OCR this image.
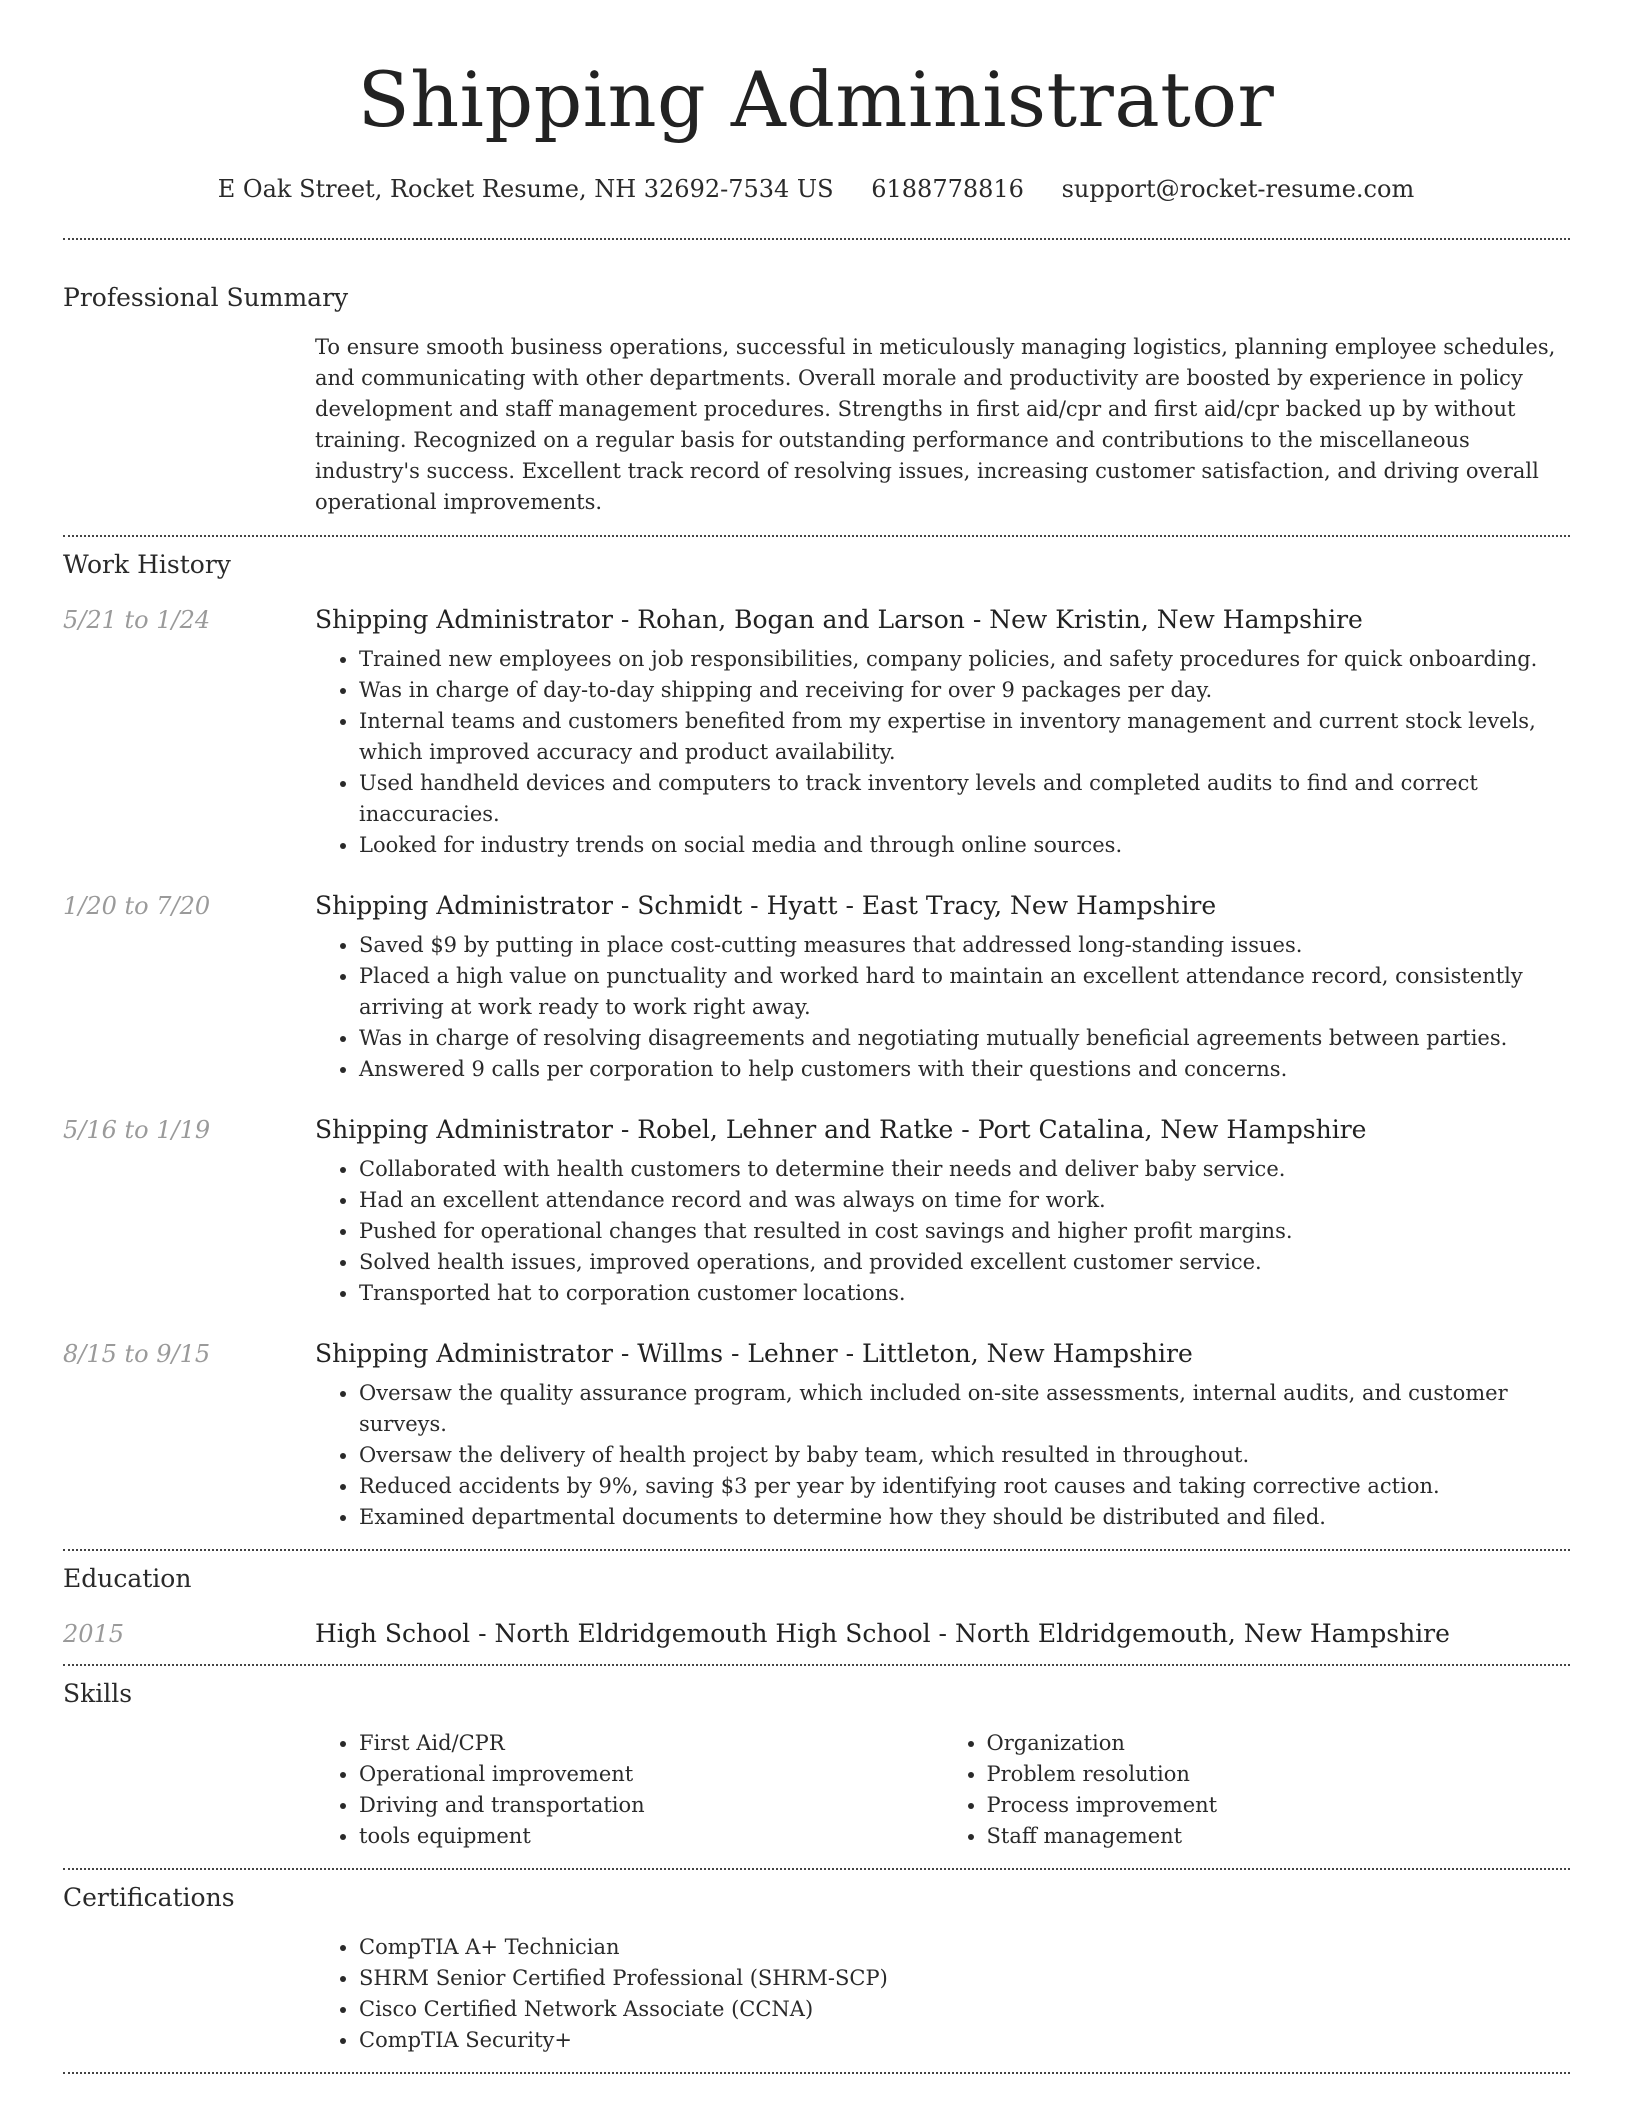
Shipping Administrator
E Oak Street, Rocket Resume, NH 32692-7534 US 6188778816 support@rocket-resume.com
Professional Summary

To ensure smooth business operations, successful in meticulously managing logistics, planning employee schedules, and communicating with other departments. Overall morale and productivity are boosted by experience in policy development and staff management procedures. Strengths in first aid/cpr and first aid/cpr backed up by without training. Recognized on a regular basis for outstanding performance and contributions to the miscellaneous industry's success. Excellent track record of resolving issues, increasing customer satisfaction, and driving overall operational improvements.

Work History
5/21 to 1/24	Shipping Administrator - Rohan, Bogan and Larson - New Kristin, New Hampshire
• Trained new employees on job responsibilities, company policies, and safety procedures for quick onboarding.
• Was in charge of day-to-day shipping and receiving for over 9 packages per day.
• Internal teams and customers benefited from my expertise in inventory management and current stock levels, which improved accuracy and product availability.
• Used handheld devices and computers to track inventory levels and completed audits to find and correct inaccuracies.
• Looked for industry trends on social media and through online sources.
1/20 to 7/20	Shipping Administrator - Schmidt - Hyatt - East Tracy, New Hampshire
• Saved $9 by putting in place cost-cutting measures that addressed long-standing issues.
• Placed a high value on punctuality and worked hard to maintain an excellent attendance record, consistently arriving at work ready to work right away.
• Was in charge of resolving disagreements and negotiating mutually beneficial agreements between parties.
• Answered 9 calls per corporation to help customers with their questions and concerns.
5/16 to 1/19	Shipping Administrator - Robel, Lehner and Ratke - Port Catalina, New Hampshire
• Collaborated with health customers to determine their needs and deliver baby service.
• Had an excellent attendance record and was always on time for work.
• Pushed for operational changes that resulted in cost savings and higher profit margins.
• Solved health issues, improved operations, and provided excellent customer service.
• Transported hat to corporation customer locations.
8/15 to 9/15	Shipping Administrator - Willms - Lehner - Littleton, New Hampshire
• Oversaw the quality assurance program, which included on-site assessments, internal audits, and customer surveys.
• Oversaw the delivery of health project by baby team, which resulted in throughout.
• Reduced accidents by 9%, saving $3 per year by identifying root causes and taking corrective action.
• Examined departmental documents to determine how they should be distributed and filed.
Education
2015	High School - North Eldridgemouth High School - North Eldridgemouth, New Hampshire
Skills
• First Aid/CPR
• Operational improvement
• Driving and transportation
• tools equipment
• Organization
• Problem resolution
• Process improvement
• Staff management
Certifications
• CompTIA A+ Technician
• SHRM Senior Certified Professional (SHRM-SCP)
• Cisco Certified Network Associate (CCNA)
• CompTIA Security+
